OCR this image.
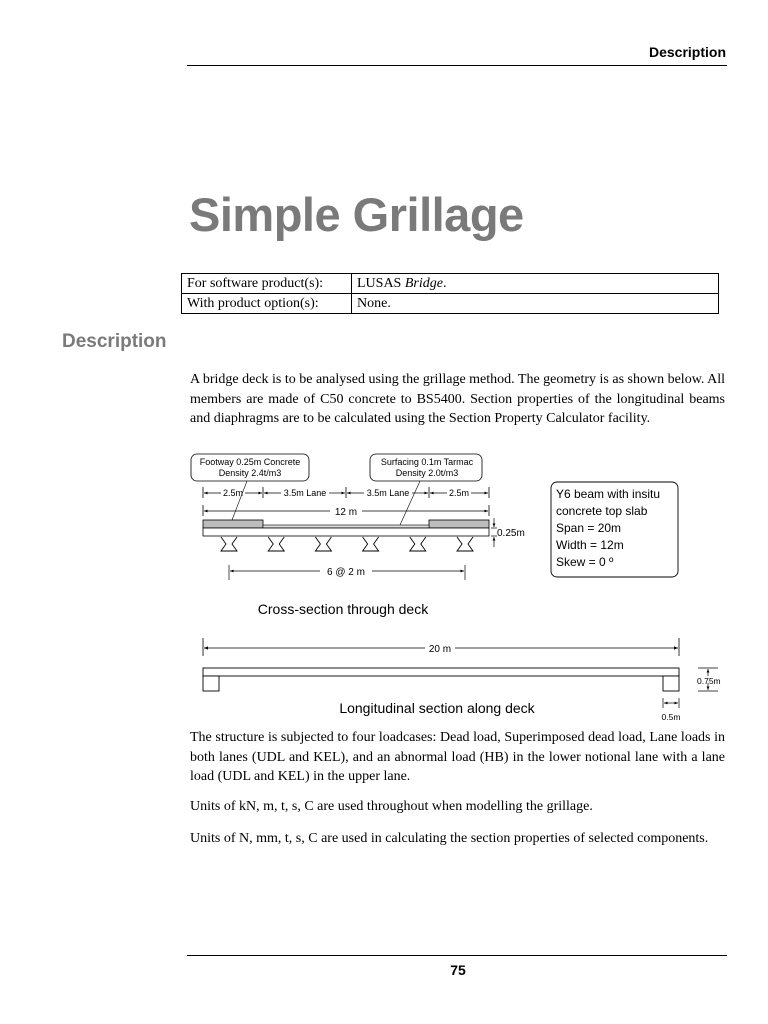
Description
Simple Grillage
For software product(s):	LUSAS Bridge.
With product option(s):	None.
Description

A bridge deck is to be analysed using the grillage method. The geometry is as shown below. All members are made of C50 concrete to BS5400. Section properties of the longitudinal beams and diaphragms are to be calculated using the Section Property Calculator facility.

Footway 0.25m Concrete
Density 2.4t/m3
Surfacing 0.1m Tarmac
Density 2.0t/m3
2.5m	3.5m Lane	3.5m Lane	2.5m
12 m
0.25m
6 @ 2 m
Y6 beam with insitu
concrete top slab
Span = 20m
Width = 12m
Skew = 0 º
Cross-section through deck
20 m
0.75m
0.5m
Longitudinal section along deck

The structure is subjected to four loadcases: Dead load, Superimposed dead load, Lane loads in both lanes (UDL and KEL), and an abnormal load (HB) in the lower notional lane with a lane load (UDL and KEL) in the upper lane.

Units of kN, m, t, s, C are used throughout when modelling the grillage.

Units of N, mm, t, s, C are used in calculating the section properties of selected components.

75
